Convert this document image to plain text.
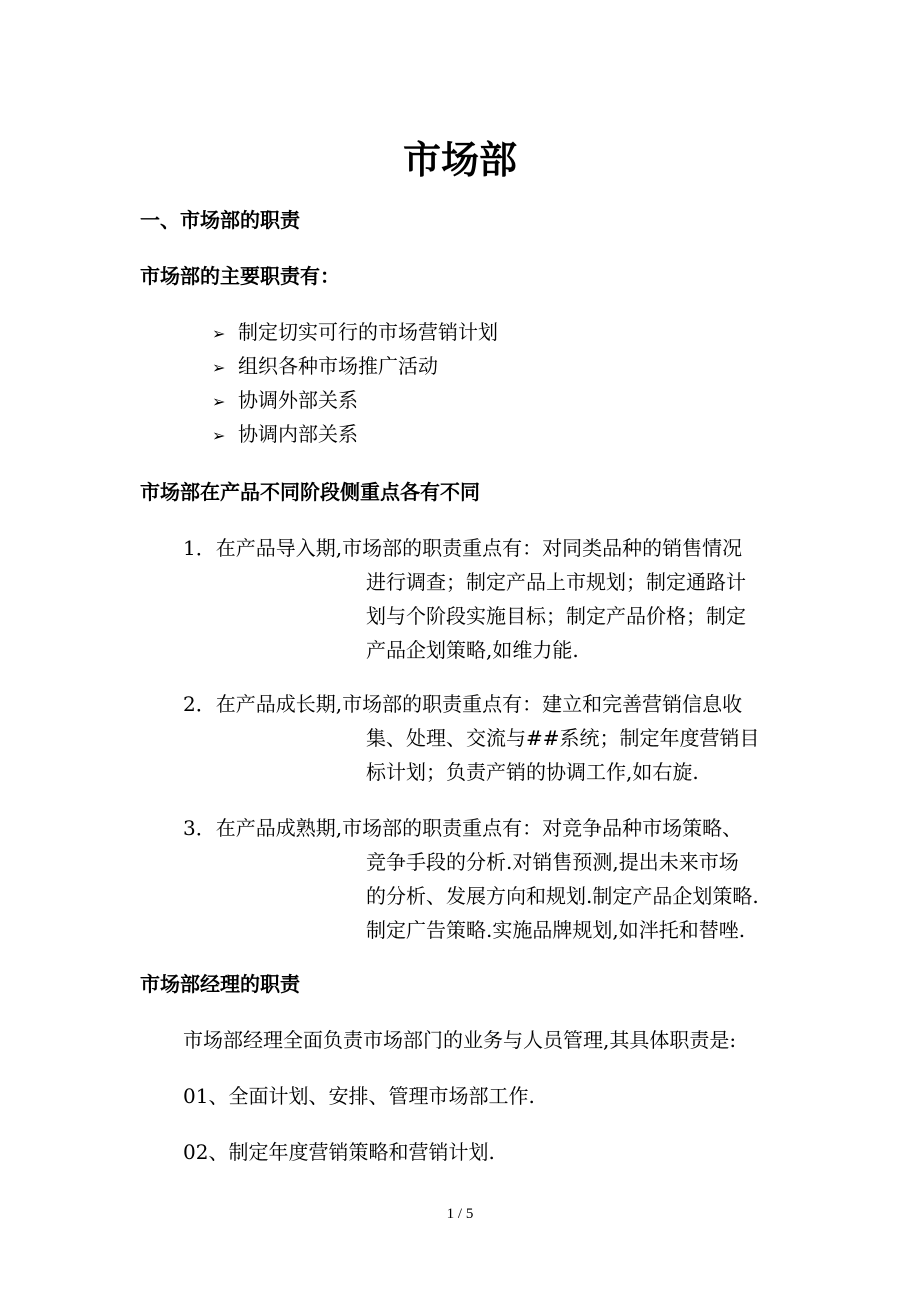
市场部
一、市场部的职责
市场部的主要职责有：
➢ 制定切实可行的市场营销计划
➢ 组织各种市场推广活动
➢ 协调外部关系
➢ 协调内部关系
市场部在产品不同阶段侧重点各有不同
1．在产品导入期,市场部的职责重点有：对同类品种的销售情况
进行调查；制定产品上市规划；制定通路计
划与个阶段实施目标；制定产品价格；制定
产品企划策略,如维力能.
2．在产品成长期,市场部的职责重点有：建立和完善营销信息收
集、处理、交流与##系统；制定年度营销目
标计划；负责产销的协调工作,如右旋.
3．在产品成熟期,市场部的职责重点有：对竞争品种市场策略、
竞争手段的分析.对销售预测,提出未来市场
的分析、发展方向和规划.制定产品企划策略.
制定广告策略.实施品牌规划,如泮托和替唑.
市场部经理的职责
市场部经理全面负责市场部门的业务与人员管理,其具体职责是:
01、全面计划、安排、管理市场部工作.
02、制定年度营销策略和营销计划.
1 / 5
